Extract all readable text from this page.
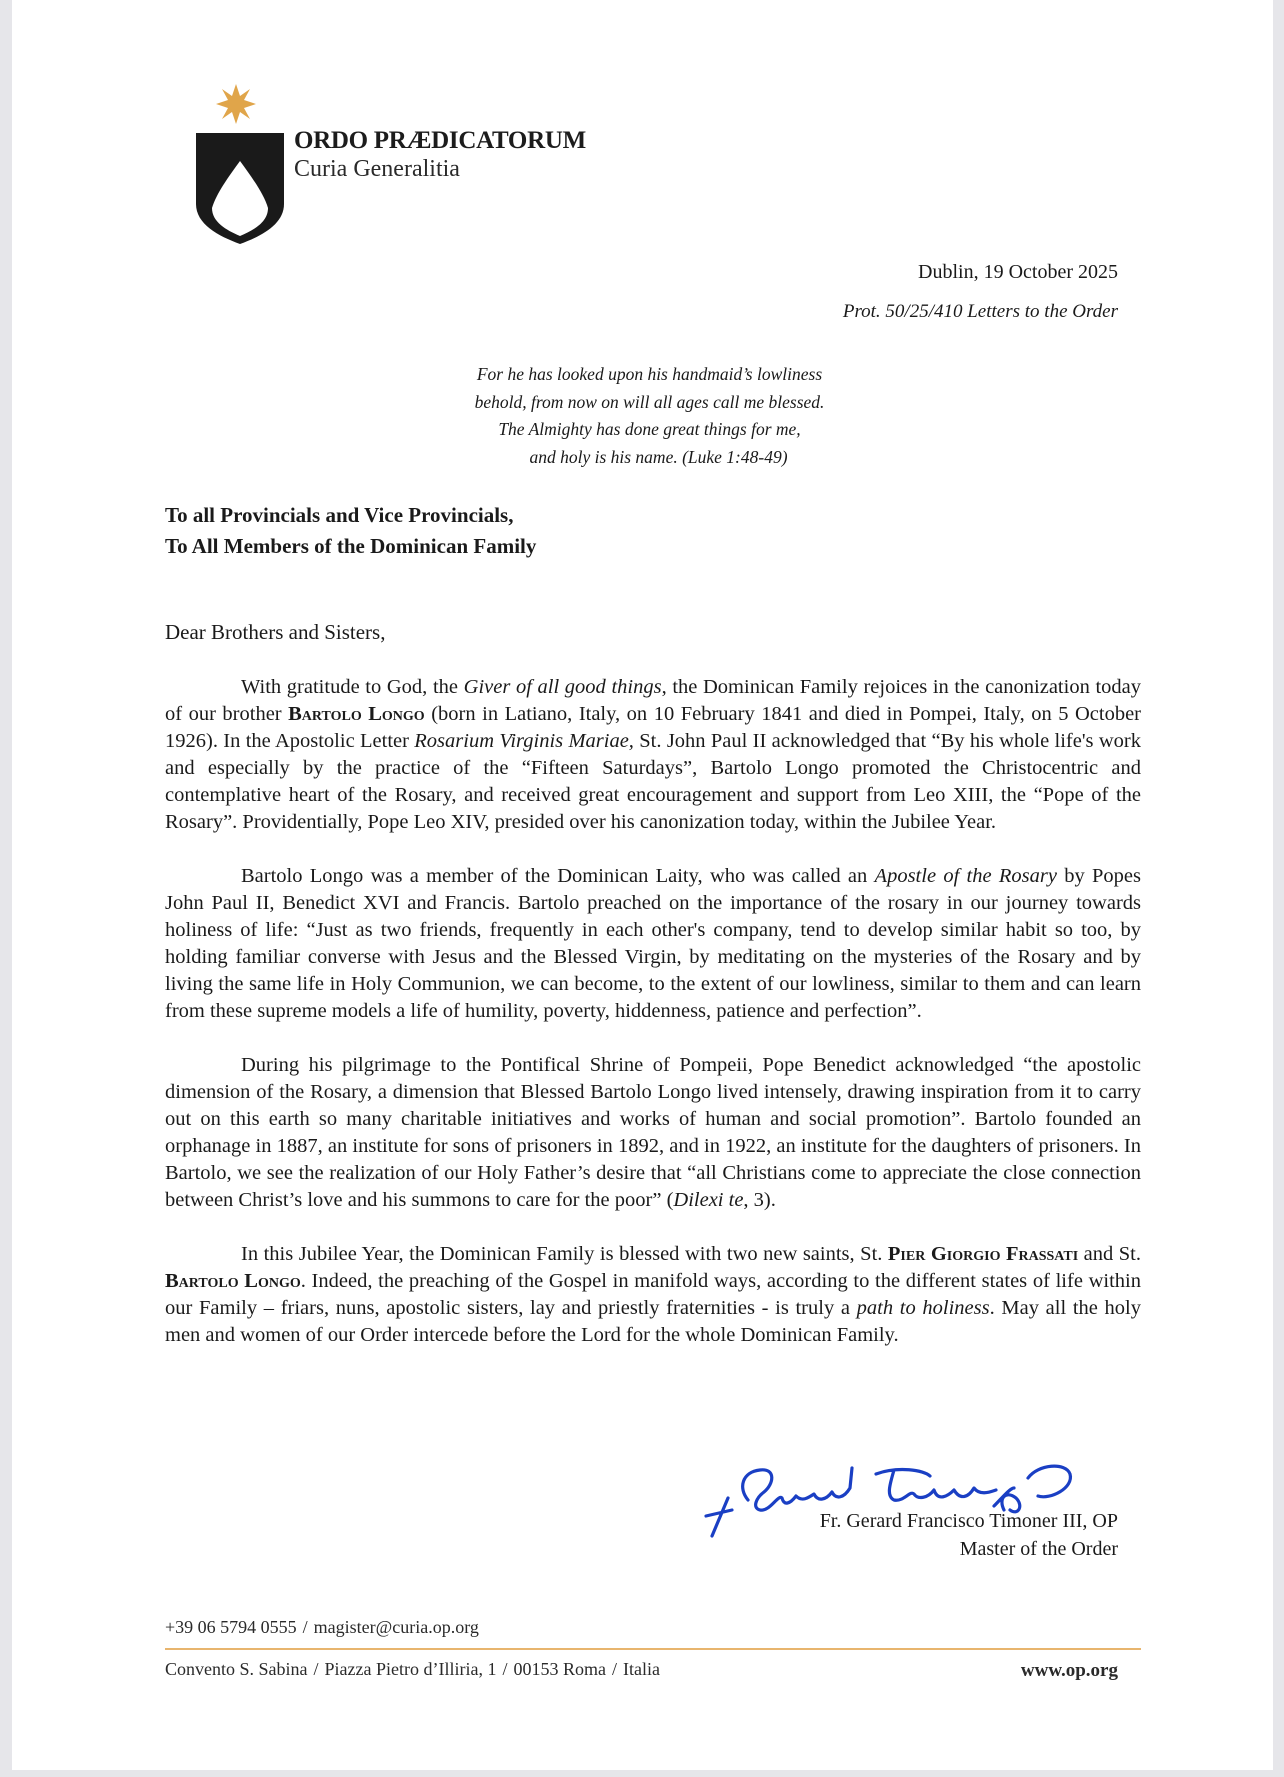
ORDO PRÆDICATORUM
Curia Generalitia
Dublin, 19 October 2025
Prot. 50/25/410 Letters to the Order
For he has looked upon his handmaid’s lowliness
behold, from now on will all ages call me blessed.
The Almighty has done great things for me,
and holy is his name. (Luke 1:48-49)
To all Provincials and Vice Provincials,
To All Members of the Dominican Family
Dear Brothers and Sisters,

With gratitude to God, the Giver of all good things, the Dominican Family rejoices in the canonization today of our brother Bartolo Longo (born in Latiano, Italy, on 10 February 1841 and died in Pompei, Italy, on 5 October 1926). In the Apostolic Letter Rosarium Virginis Mariae, St. John Paul II acknowledged that “By his whole life's work and especially by the practice of the “Fifteen Saturdays”, Bartolo Longo promoted the Christocentric and contemplative heart of the Rosary, and received great encouragement and support from Leo XIII, the “Pope of the Rosary”. Providentially, Pope Leo XIV, presided over his canonization today, within the Jubilee Year.

Bartolo Longo was a member of the Dominican Laity, who was called an Apostle of the Rosary by Popes John Paul II, Benedict XVI and Francis. Bartolo preached on the importance of the rosary in our journey towards holiness of life: “Just as two friends, frequently in each other's company, tend to develop similar habit so too, by holding familiar converse with Jesus and the Blessed Virgin, by meditating on the mysteries of the Rosary and by living the same life in Holy Communion, we can become, to the extent of our lowliness, similar to them and can learn from these supreme models a life of humility, poverty, hiddenness, patience and perfection”.

During his pilgrimage to the Pontifical Shrine of Pompeii, Pope Benedict acknowledged “the apostolic dimension of the Rosary, a dimension that Blessed Bartolo Longo lived intensely, drawing inspiration from it to carry out on this earth so many charitable initiatives and works of human and social promotion”. Bartolo founded an orphanage in 1887, an institute for sons of prisoners in 1892, and in 1922, an institute for the daughters of prisoners. In Bartolo, we see the realization of our Holy Father’s desire that “all Christians come to appreciate the close connection between Christ’s love and his summons to care for the poor” (Dilexi te, 3).

In this Jubilee Year, the Dominican Family is blessed with two new saints, St. Pier Giorgio Frassati and St. Bartolo Longo. Indeed, the preaching of the Gospel in manifold ways, according to the different states of life within our Family – friars, nuns, apostolic sisters, lay and priestly fraternities - is truly a path to holiness. May all the holy men and women of our Order intercede before the Lord for the whole Dominican Family.

Fr. Gerard Francisco Timoner III, OP
Master of the Order
+39 06 5794 0555 / magister@curia.op.org
Convento S. Sabina / Piazza Pietro d’Illiria, 1 / 00153 Roma / Italia	www.op.org
